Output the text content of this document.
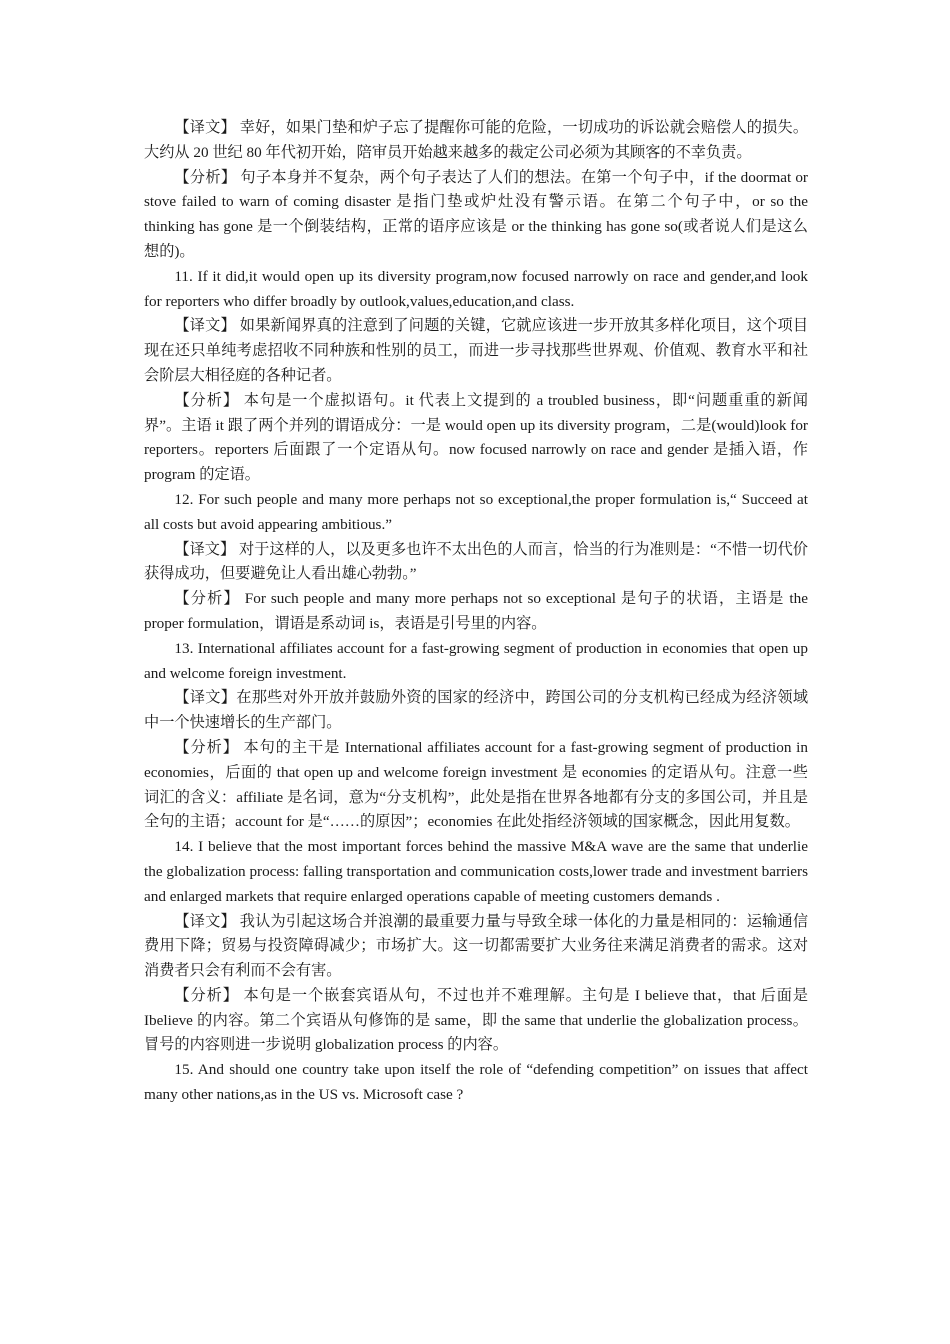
【译文】 幸好，如果门垫和炉子忘了提醒你可能的危险，一切成功的诉讼就会赔偿人的损失。大约从 20 世纪 80 年代初开始，陪审员开始越来越多的裁定公司必须为其顾客的不幸负责。

【分析】 句子本身并不复杂，两个句子表达了人们的想法。在第一个句子中，if the doormat or stove failed to warn of coming disaster 是指门垫或炉灶没有警示语。在第二个句子中，or so the thinking has gone 是一个倒装结构，正常的语序应该是 or the thinking has gone so(或者说人们是这么想的)。

11. If it did,it would open up its diversity program,now focused narrowly on race and gender,and look for reporters who differ broadly by outlook,values,education,and class.

【译文】 如果新闻界真的注意到了问题的关键，它就应该进一步开放其多样化项目，这个项目现在还只单纯考虑招收不同种族和性别的员工，而进一步寻找那些世界观、价值观、教育水平和社会阶层大相径庭的各种记者。

【分析】 本句是一个虚拟语句。it 代表上文提到的 a troubled business，即“问题重重的新闻界”。主语 it 跟了两个并列的谓语成分：一是 would open up its diversity program，二是(would)look for reporters。reporters 后面跟了一个定语从句。now focused narrowly on race and gender 是插入语，作 program 的定语。

12. For such people and many more perhaps not so exceptional,the proper formulation is,“ Succeed at all costs but avoid appearing ambitious.”

【译文】 对于这样的人，以及更多也许不太出色的人而言，恰当的行为准则是：“不惜一切代价获得成功，但要避免让人看出雄心勃勃。”

【分析】 For such people and many more perhaps not so exceptional 是句子的状语，主语是 the proper formulation，谓语是系动词 is，表语是引号里的内容。

13. International affiliates account for a fast-growing segment of production in economies that open up and welcome foreign investment.

【译文】在那些对外开放并鼓励外资的国家的经济中，跨国公司的分支机构已经成为经济领域中一个快速增长的生产部门。

【分析】 本句的主干是 International affiliates account for a fast-growing segment of production in economies，后面的 that open up and welcome foreign investment 是 economies 的定语从句。注意一些词汇的含义：affiliate 是名词，意为“分支机构”，此处是指在世界各地都有分支的多国公司，并且是全句的主语；account for 是“……的原因”；economies 在此处指经济领域的国家概念，因此用复数。

14. I believe that the most important forces behind the massive M&A wave are the same that underlie the globalization process: falling transportation and communication costs,lower trade and investment barriers and enlarged markets that require enlarged operations capable of meeting customers demands .

【译文】 我认为引起这场合并浪潮的最重要力量与导致全球一体化的力量是相同的：运输通信费用下降；贸易与投资障碍减少；市场扩大。这一切都需要扩大业务往来满足消费者的需求。这对消费者只会有利而不会有害。

【分析】 本句是一个嵌套宾语从句，不过也并不难理解。主句是 I believe that，that 后面是 Ibelieve 的内容。第二个宾语从句修饰的是 same，即 the same that underlie the globalization process。冒号的内容则进一步说明 globalization process 的内容。

15. And should one country take upon itself the role of “defending competition” on issues that affect many other nations,as in the US vs. Microsoft case ?
